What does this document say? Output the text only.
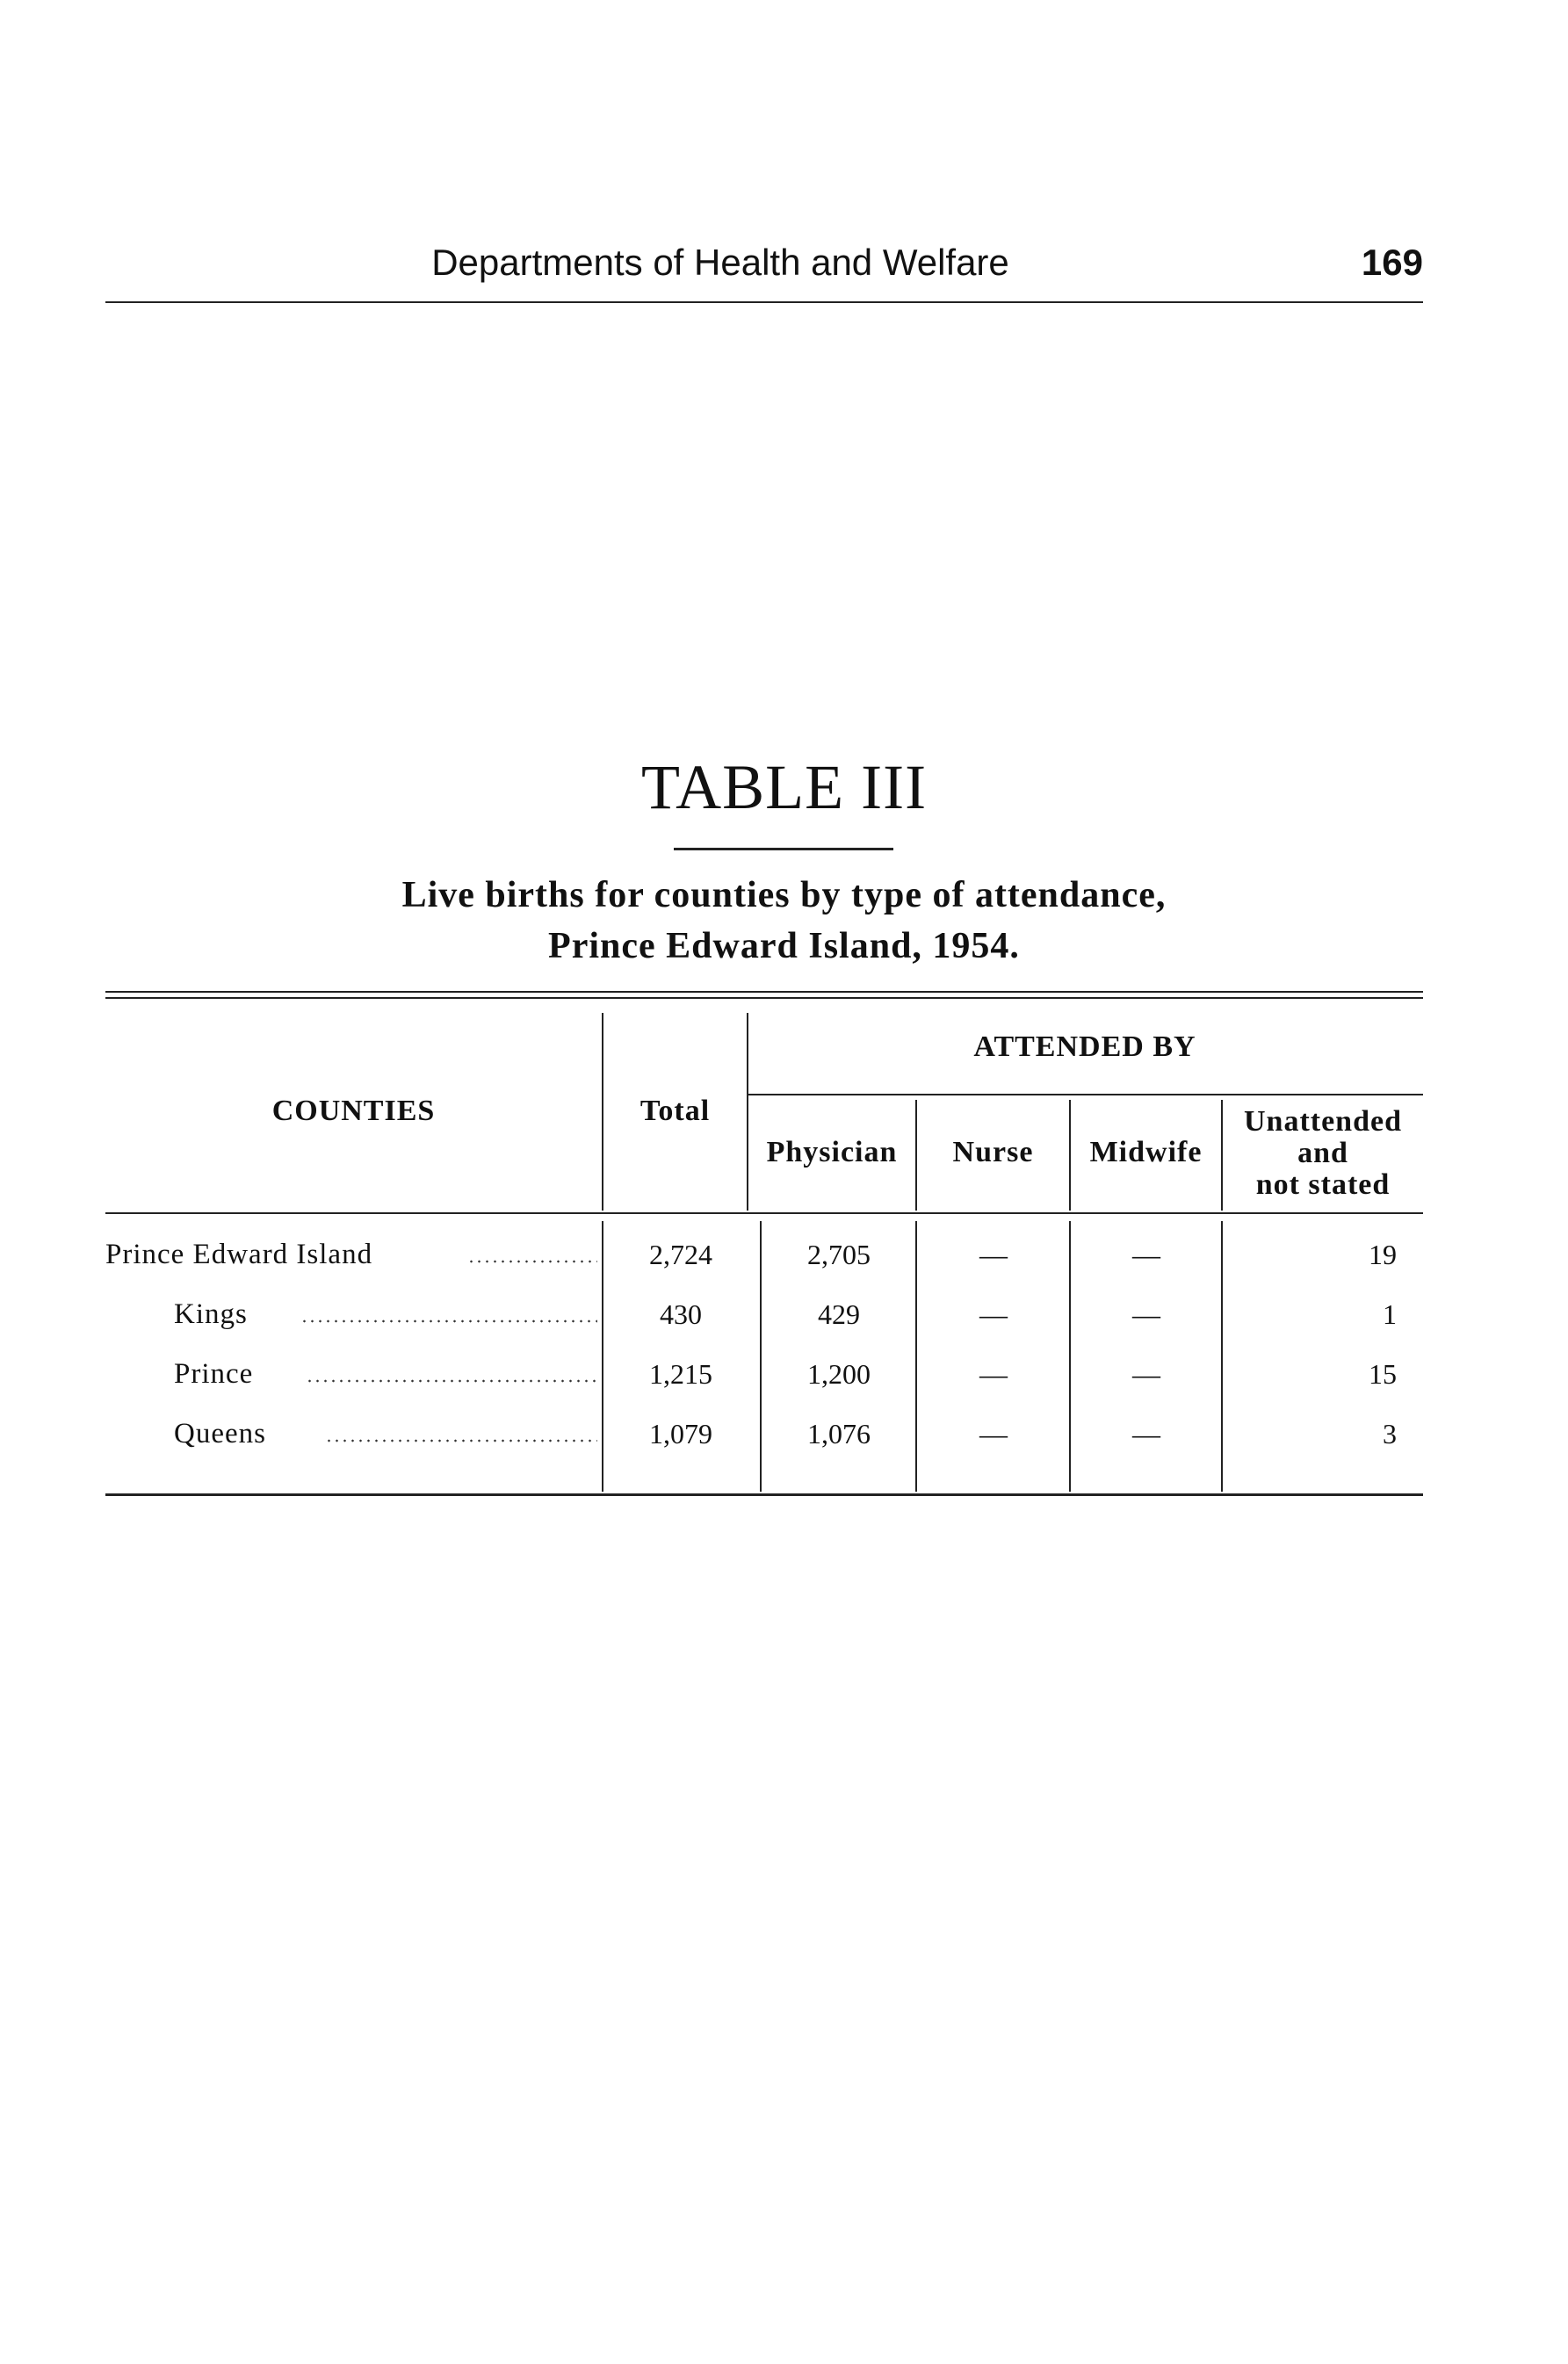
Departments of Health and Welfare	169
TABLE III
Live births for counties by type of attendance,
Prince Edward Island, 1954.
COUNTIES	Total
ATTENDED BY
Physician	Nurse	Midwife
Unattended
and
not stated
Prince Edward Island	2,724	2,705	—	—	19
Kings	430	429	—	—	1
Prince	1,215	1,200	—	—	15
Queens	1,079	1,076	—	—	3
